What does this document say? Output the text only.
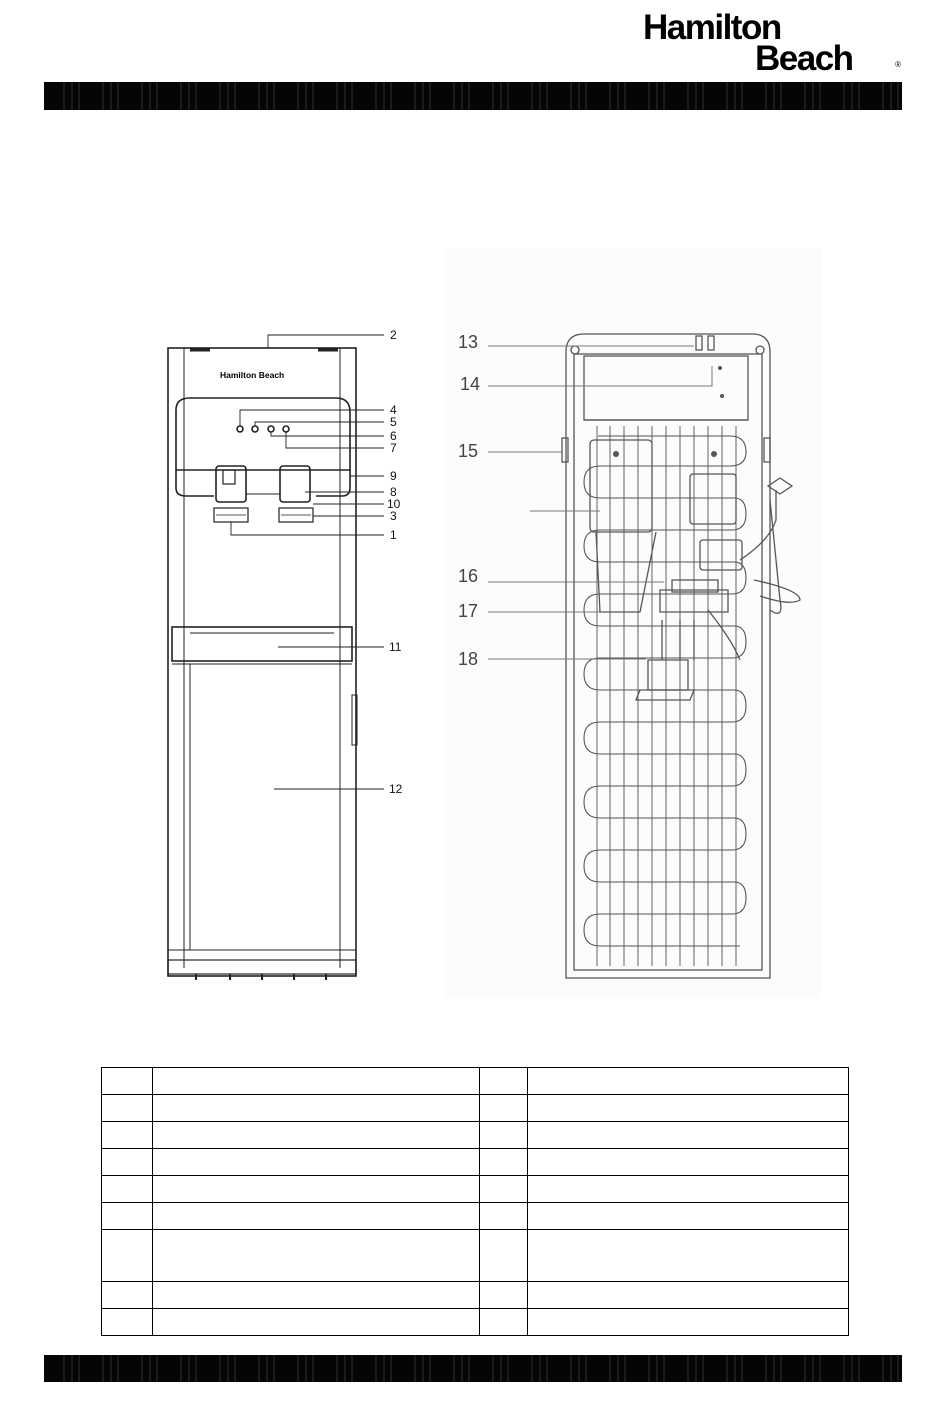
Hamilton
Beach	®
Hamilton Beach
2
4
5
6
7
9
8
10
3
1
11
12
13
14
15
16
17
18
